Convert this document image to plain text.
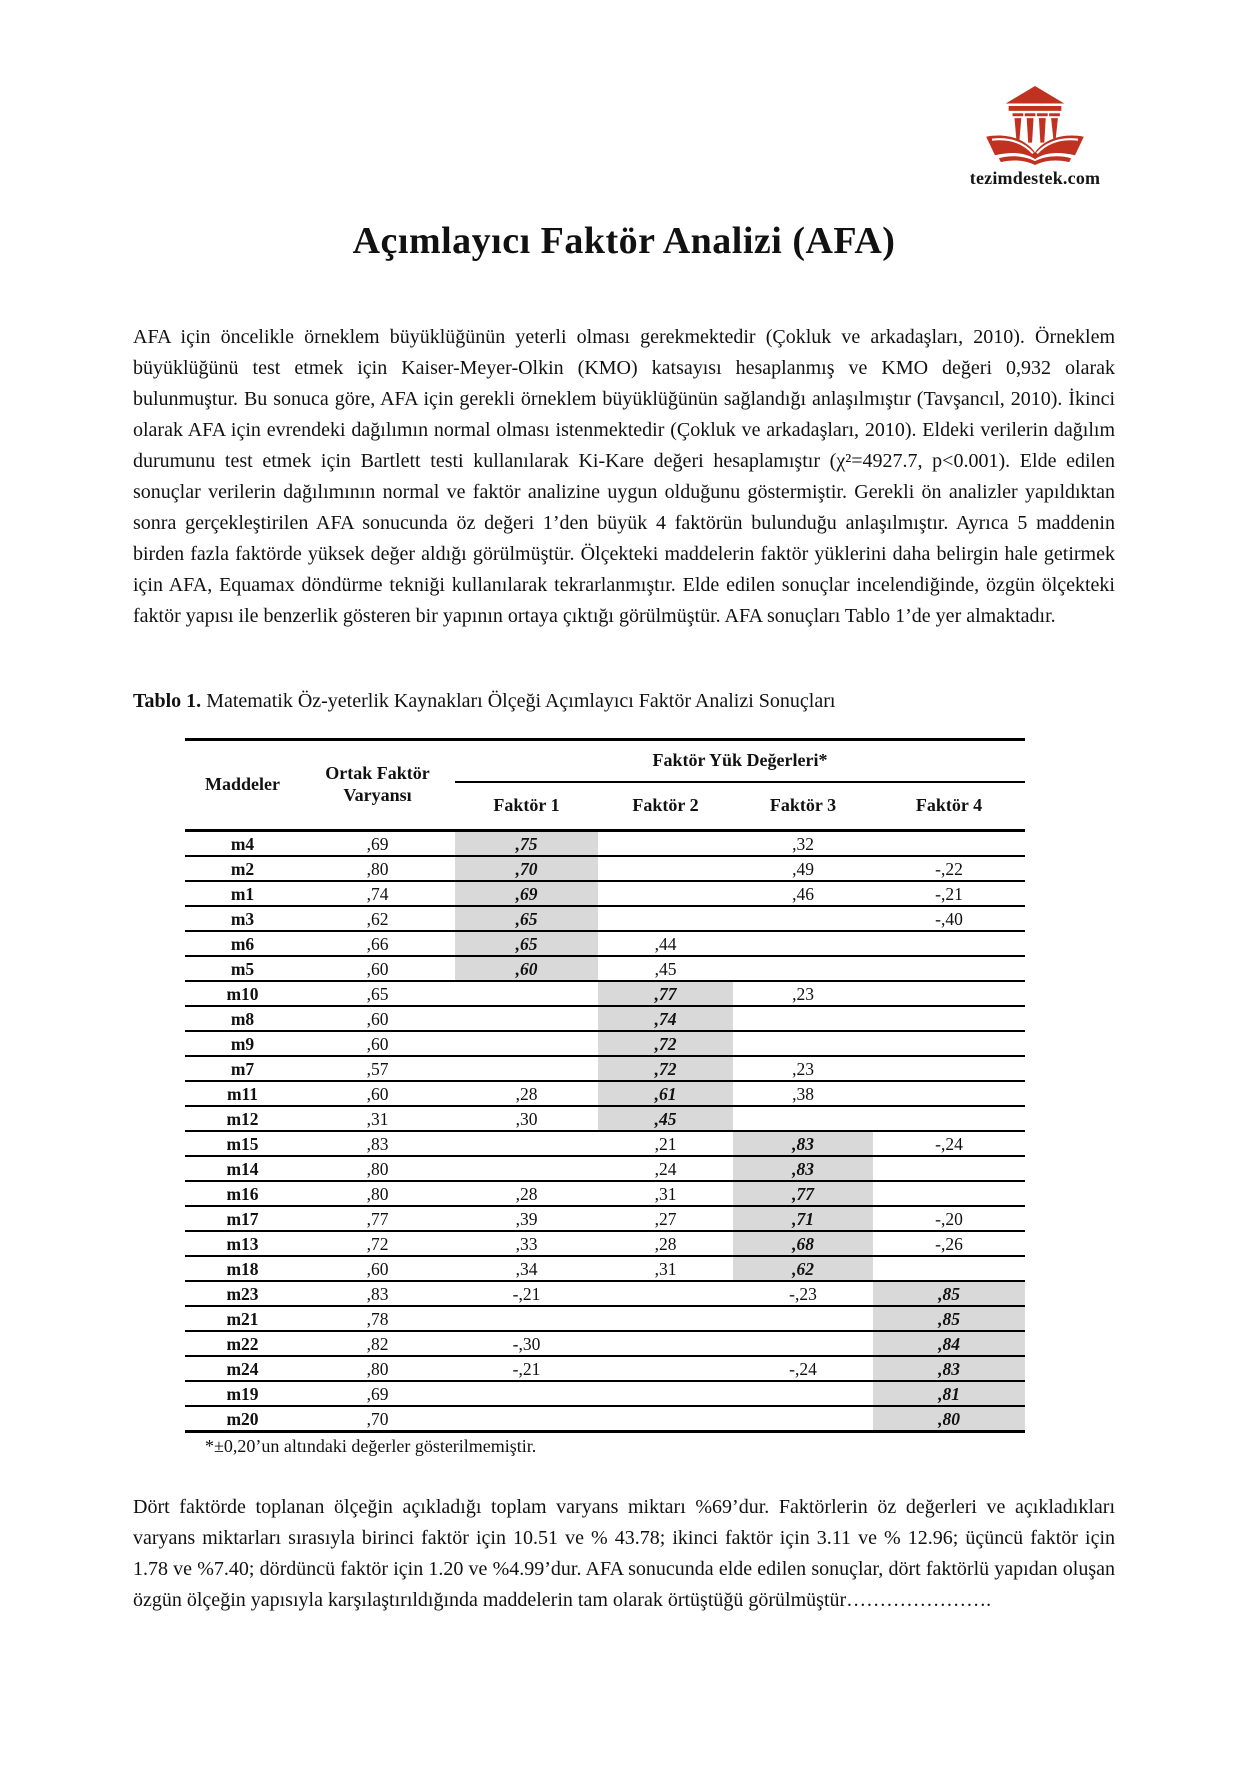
tezimdestek.com
Açımlayıcı Faktör Analizi (AFA)

AFA için öncelikle örneklem büyüklüğünün yeterli olması gerekmektedir (Çokluk ve arkadaşları, 2010). Örneklem büyüklüğünü test etmek için Kaiser-Meyer-Olkin (KMO) katsayısı hesaplanmış ve KMO değeri 0,932 olarak bulunmuştur. Bu sonuca göre, AFA için gerekli örneklem büyüklüğünün sağlandığı anlaşılmıştır (Tavşancıl, 2010). İkinci olarak AFA için evrendeki dağılımın normal olması istenmektedir (Çokluk ve arkadaşları, 2010). Eldeki verilerin dağılım durumunu test etmek için Bartlett testi kullanılarak Ki-Kare değeri hesaplamıştır (χ²=4927.7, p<0.001). Elde edilen sonuçlar verilerin dağılımının normal ve faktör analizine uygun olduğunu göstermiştir. Gerekli ön analizler yapıldıktan sonra gerçekleştirilen AFA sonucunda öz değeri 1’den büyük 4 faktörün bulunduğu anlaşılmıştır. Ayrıca 5 maddenin birden fazla faktörde yüksek değer aldığı görülmüştür. Ölçekteki maddelerin faktör yüklerini daha belirgin hale getirmek için AFA, Equamax döndürme tekniği kullanılarak tekrarlanmıştır. Elde edilen sonuçlar incelendiğinde, özgün ölçekteki faktör yapısı ile benzerlik gösteren bir yapının ortaya çıktığı görülmüştür. AFA sonuçları Tablo 1’de yer almaktadır.

Tablo 1. Matematik Öz-yeterlik Kaynakları Ölçeği Açımlayıcı Faktör Analizi Sonuçları
Maddeler	Ortak Faktör Varyansı	Faktör Yük Değerleri*			
		Faktör 1	Faktör 2	Faktör 3	Faktör 4
m4	,69	,75		,32	
m2	,80	,70		,49	-,22
m1	,74	,69		,46	-,21
m3	,62	,65			-,40
m6	,66	,65	,44		
m5	,60	,60	,45		
m10	,65		,77	,23	
m8	,60		,74		
m9	,60		,72		
m7	,57		,72	,23	
m11	,60	,28	,61	,38	
m12	,31	,30	,45		
m15	,83		,21	,83	-,24
m14	,80		,24	,83	
m16	,80	,28	,31	,77	
m17	,77	,39	,27	,71	-,20
m13	,72	,33	,28	,68	-,26
m18	,60	,34	,31	,62	
m23	,83	-,21		-,23	,85
m21	,78				,85
m22	,82	-,30			,84
m24	,80	-,21		-,24	,83
m19	,69				,81
m20	,70				,80
*±0,20’un altındaki değerler gösterilmemiştir.

Dört faktörde toplanan ölçeğin açıkladığı toplam varyans miktarı %69’dur. Faktörlerin öz değerleri ve açıkladıkları varyans miktarları sırasıyla birinci faktör için 10.51 ve % 43.78; ikinci faktör için 3.11 ve % 12.96; üçüncü faktör için 1.78 ve %7.40; dördüncü faktör için 1.20 ve %4.99’dur. AFA sonucunda elde edilen sonuçlar, dört faktörlü yapıdan oluşan özgün ölçeğin yapısıyla karşılaştırıldığında maddelerin tam olarak örtüştüğü görülmüştür………………….
